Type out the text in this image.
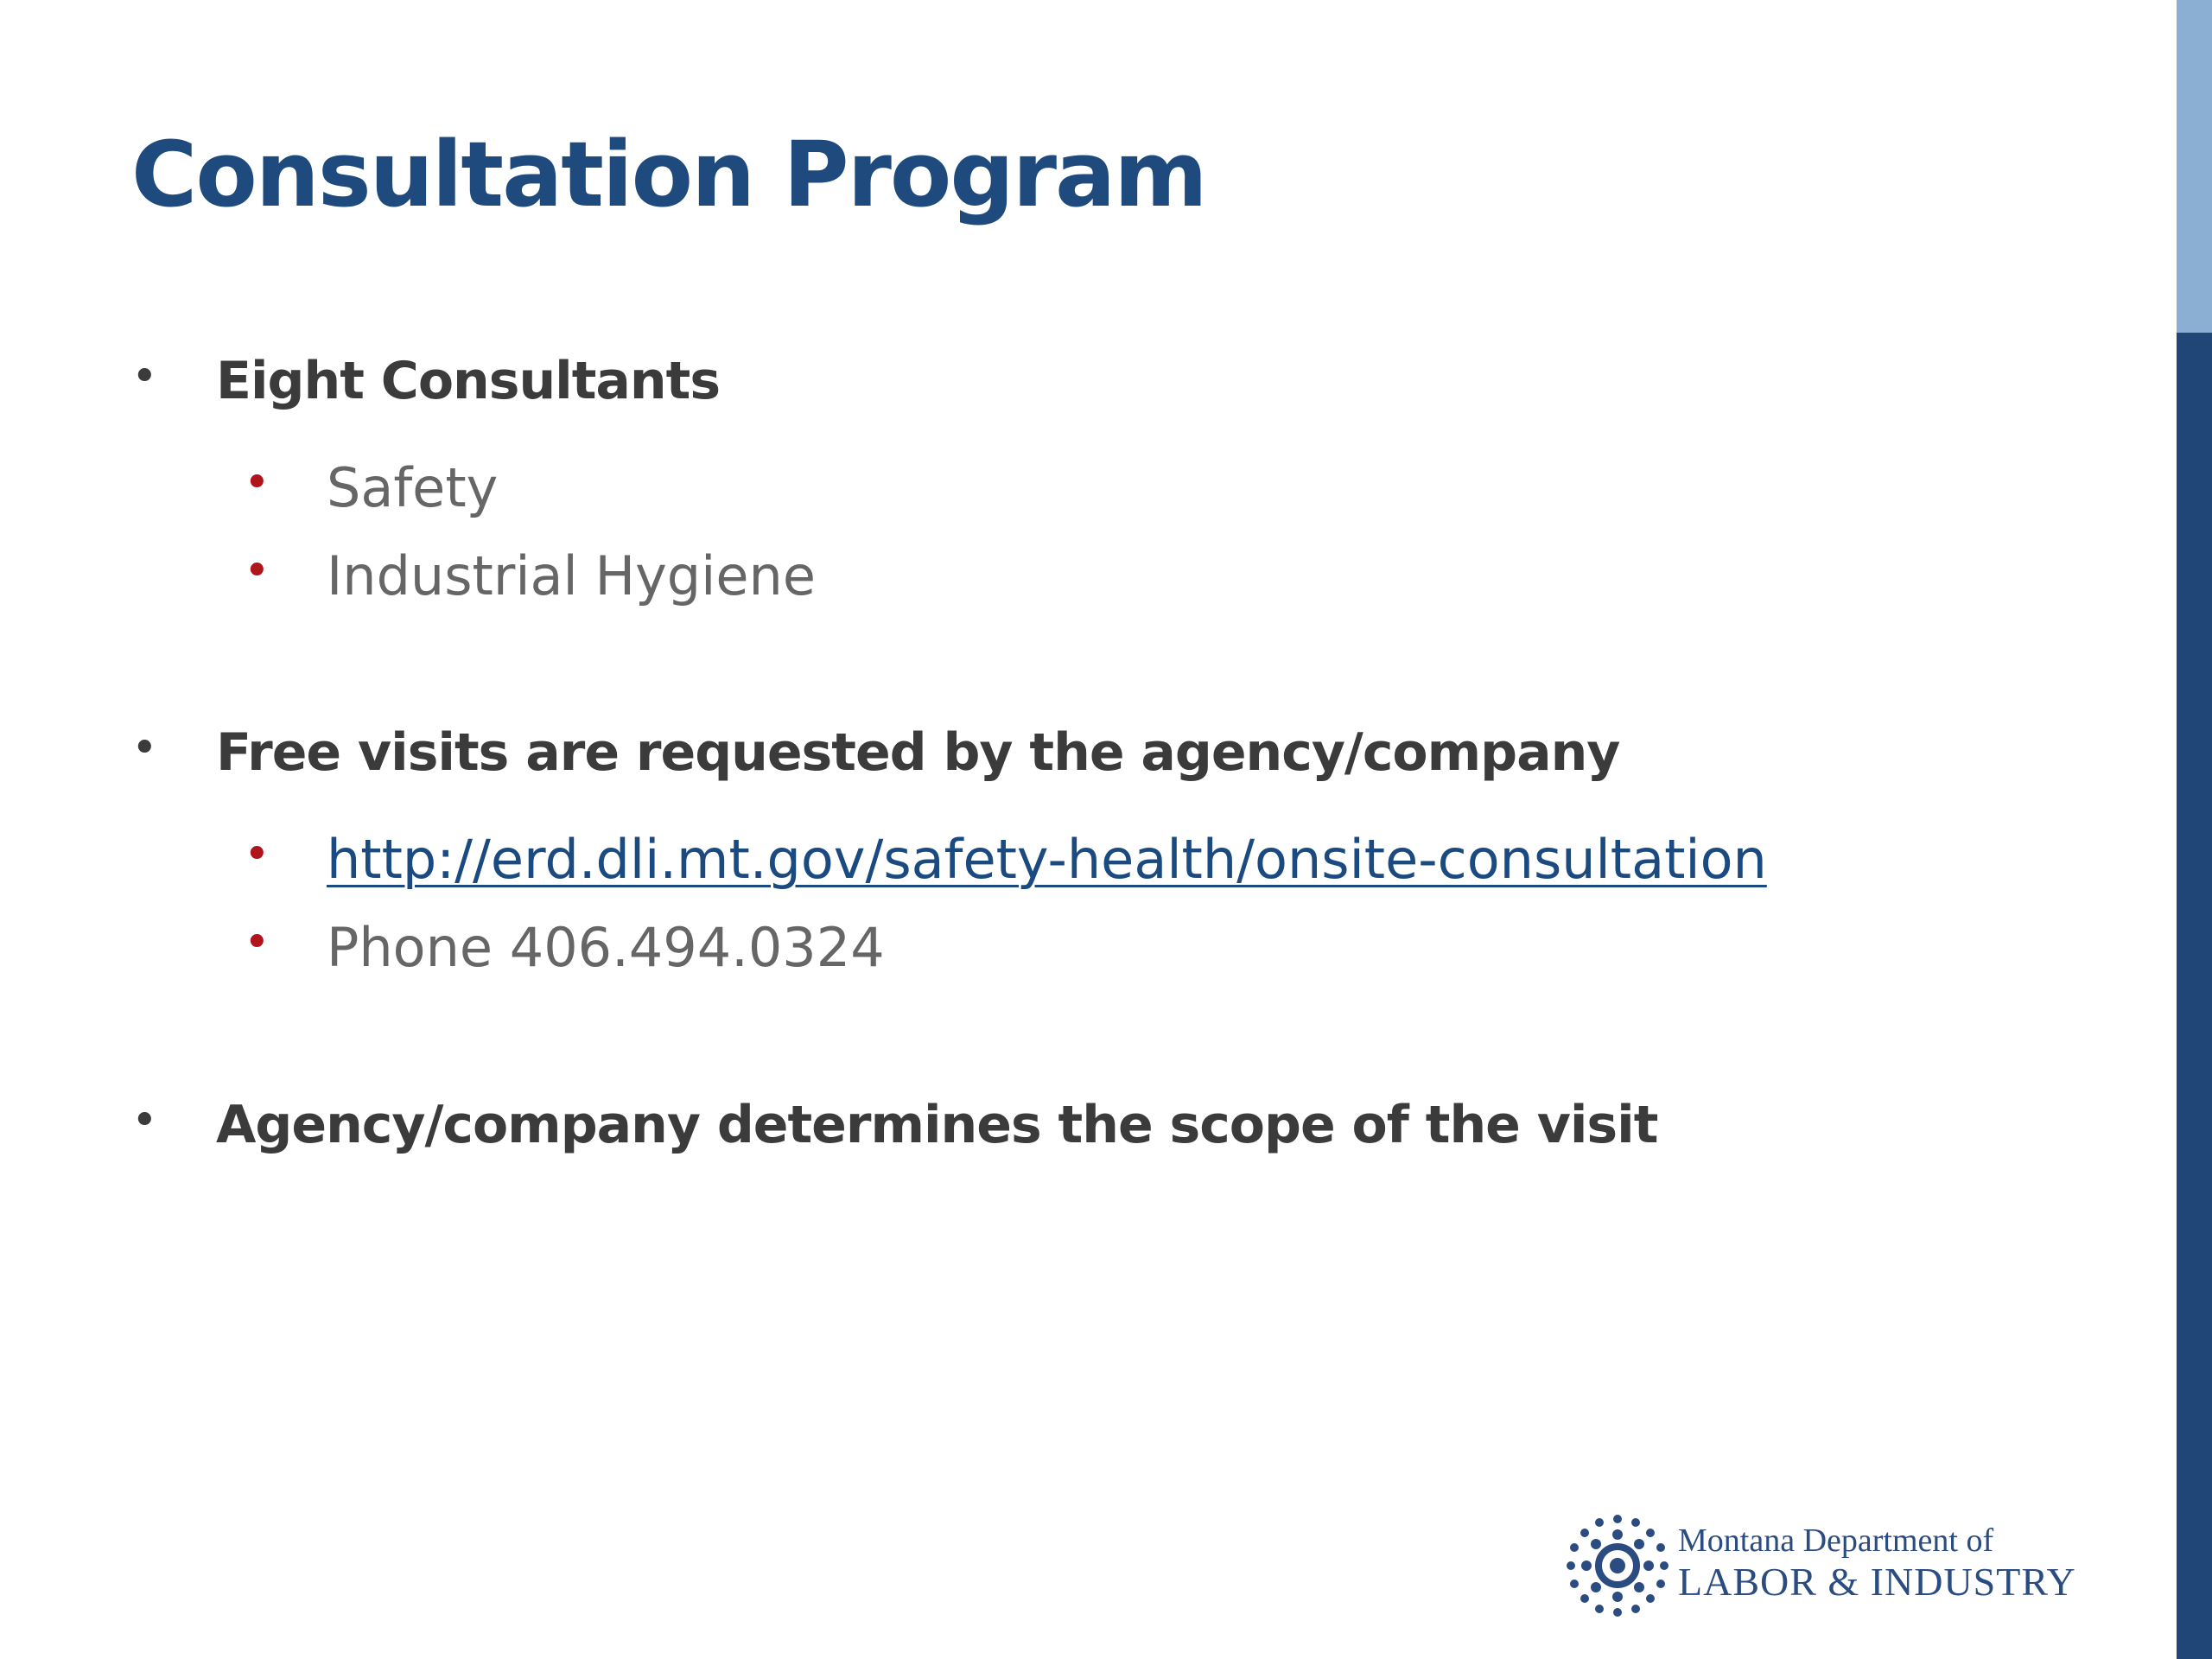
Consultation Program
• Eight Consultants
• Safety
• Industrial Hygiene
• Free visits are requested by the agency/company
• http://erd.dli.mt.gov/safety-health/onsite-consultation
• Phone 406.494.0324
• Agency/company determines the scope of the visit
Montana Department of
LABOR & INDUSTRY
